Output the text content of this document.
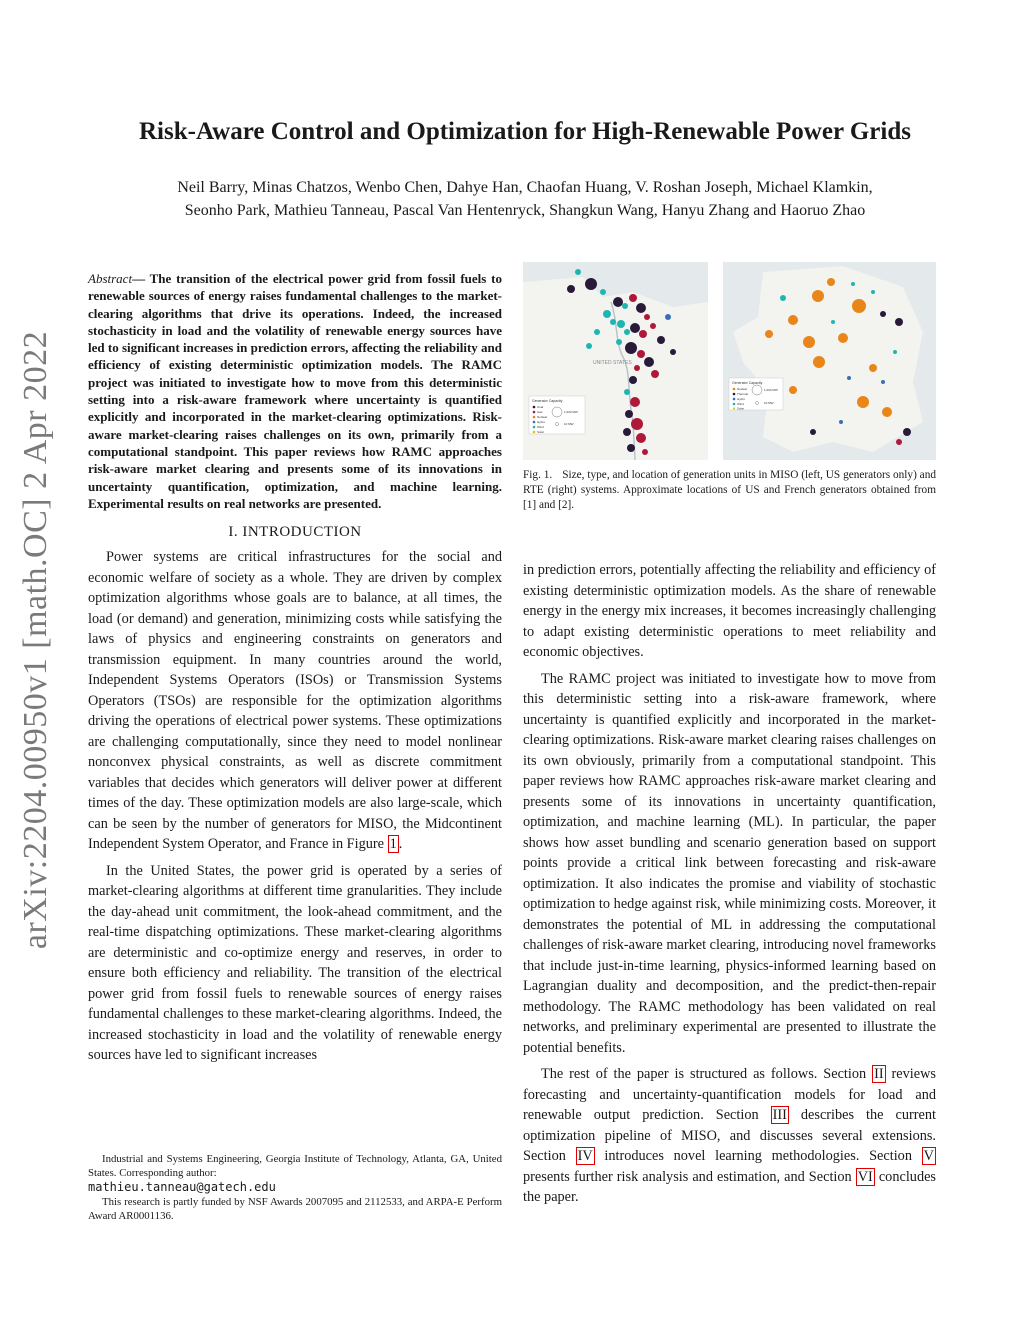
arXiv:2204.00950v1 [math.OC] 2 Apr 2022
Risk-Aware Control and Optimization for High-Renewable Power Grids
Neil Barry, Minas Chatzos, Wenbo Chen, Dahye Han, Chaofan Huang, V. Roshan Joseph, Michael Klamkin,
Seonho Park, Mathieu Tanneau, Pascal Van Hentenryck, Shangkun Wang, Hanyu Zhang and Haoruo Zhao

Abstract — The transition of the electrical power grid from fossil fuels to renewable sources of energy raises fundamental challenges to the market-clearing algorithms that drive its operations. Indeed, the increased stochasticity in load and the volatility of renewable energy sources have led to significant increases in prediction errors, affecting the reliability and efficiency of existing deterministic optimization models. The RAMC project was initiated to investigate how to move from this deterministic setting into a risk-aware framework where uncertainty is quantified explicitly and incorporated in the market-clearing optimizations. Risk-aware market-clearing raises challenges on its own, primarily from a computational standpoint. This paper reviews how RAMC approaches risk-aware market clearing and presents some of its innovations in uncertainty quantification, optimization, and machine learning. Experimental results on real networks are presented.

I. INTRODUCTION

Power systems are critical infrastructures for the social and economic welfare of society as a whole. They are driven by complex optimization algorithms whose goals are to balance, at all times, the load (or demand) and generation, minimizing costs while satisfying the laws of physics and engineering constraints on generators and transmission equipment. In many countries around the world, Independent Systems Operators (ISOs) or Transmission Systems Operators (TSOs) are responsible for the optimization algorithms driving the operations of electrical power systems. These optimizations are challenging computationally, since they need to model nonlinear nonconvex physical constraints, as well as discrete commitment variables that decides which generators will deliver power at different times of the day. These optimization models are also large-scale, which can be seen by the number of generators for MISO, the Midcontinent Independent System Operator, and France in Figure 1 .

In the United States, the power grid is operated by a series of market-clearing algorithms at different time granularities. They include the day-ahead unit commitment, the look-ahead commitment, and the real-time dispatching optimizations. These market-clearing algorithms are deterministic and co-optimize energy and reserves, in order to ensure both efficiency and reliability. The transition of the electrical power grid from fossil fuels to renewable sources of energy raises fundamental challenges to these market-clearing algorithms. Indeed, the increased stochasticity in load and the volatility of renewable energy sources have led to significant increases

Industrial and Systems Engineering, Georgia Institute of Technology, Atlanta, GA, United States. Corresponding author:
mathieu.tanneau@gatech.edu

This research is partly funded by NSF Awards 2007095 and 2112533, and ARPA-E Perform Award AR0001136.

UNITED STATES
Generator Capacity
Coal
Gas
Nuclear
Hydro
Wind
Solar
1,000 MW
10 MW
Generator Capacity
Nuclear
Thermal
Hydro
Wind
Solar
1,000 MW
10 MW

Fig. 1. Size, type, and location of generation units in MISO (left, US generators only) and RTE (right) systems. Approximate locations of US and French generators obtained from [1] and [2].

in prediction errors, potentially affecting the reliability and efficiency of existing deterministic optimization models. As the share of renewable energy in the energy mix increases, it becomes increasingly challenging to adapt existing deterministic operations to meet reliability and economic objectives.

The RAMC project was initiated to investigate how to move from this deterministic setting into a risk-aware framework, where uncertainty is quantified explicitly and incorporated in the market-clearing optimizations. Risk-aware market clearing raises challenges on its own obviously, primarily from a computational standpoint. This paper reviews how RAMC approaches risk-aware market clearing and presents some of its innovations in uncertainty quantification, optimization, and machine learning (ML). In particular, the paper shows how asset bundling and scenario generation based on support points provide a critical link between forecasting and risk-aware optimization. It also indicates the promise and viability of stochastic optimization to hedge against risk, while minimizing costs. Moreover, it demonstrates the potential of ML in addressing the computational challenges of risk-aware market clearing, introducing novel frameworks that include just-in-time learning, physics-informed learning based on Lagrangian duality and decomposition, and the predict-then-repair methodology. The RAMC methodology has been validated on real networks, and preliminary experimental are presented to illustrate the potential benefits.

The rest of the paper is structured as follows. Section II reviews forecasting and uncertainty-quantification models for load and renewable output prediction. Section III describes the current optimization pipeline of MISO, and discusses several extensions. Section IV introduces novel learning methodologies. Section V presents further risk analysis and estimation, and Section VI concludes the paper.
